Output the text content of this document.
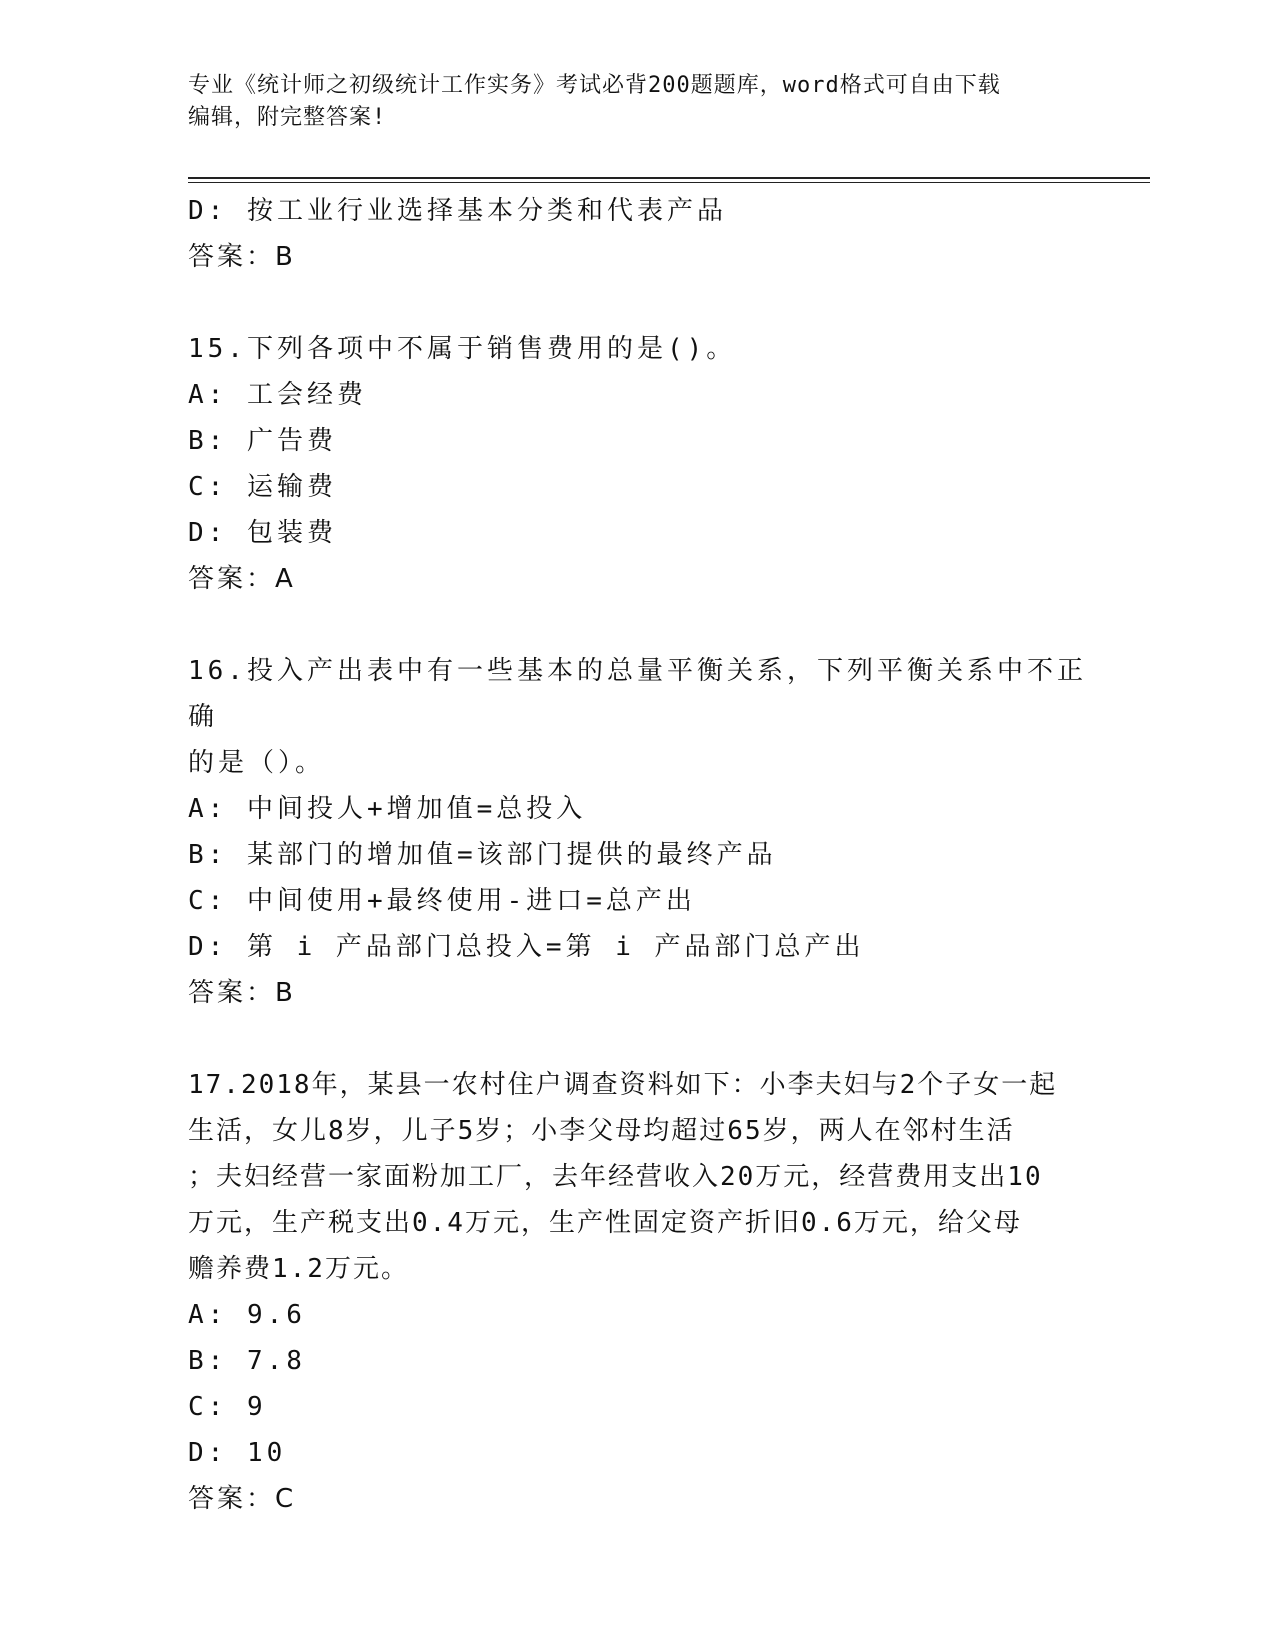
专业《统计师之初级统计工作实务》考试必背200题题库，word格式可自由下载
编辑，附完整答案!
D: 按工业行业选择基本分类和代表产品
答案：B
15.下列各项中不属于销售费用的是()。
A: 工会经费
B: 广告费
C: 运输费
D: 包装费
答案：A
16.投入产出表中有一些基本的总量平衡关系，下列平衡关系中不正确
的是（）。
A: 中间投人+增加值=总投入
B: 某部门的增加值=该部门提供的最终产品
C: 中间使用+最终使用-进口=总产出
D: 第 i 产品部门总投入=第 i 产品部门总产出
答案：B
17.2018年，某县一农村住户调查资料如下：小李夫妇与2个子女一起
生活，女儿8岁，儿子5岁；小李父母均超过65岁，两人在邻村生活
；夫妇经营一家面粉加工厂，去年经营收入20万元，经营费用支出10
万元，生产税支出0.4万元，生产性固定资产折旧0.6万元，给父母
赡养费1.2万元。
A: 9.6
B: 7.8
C: 9
D: 10
答案：C
